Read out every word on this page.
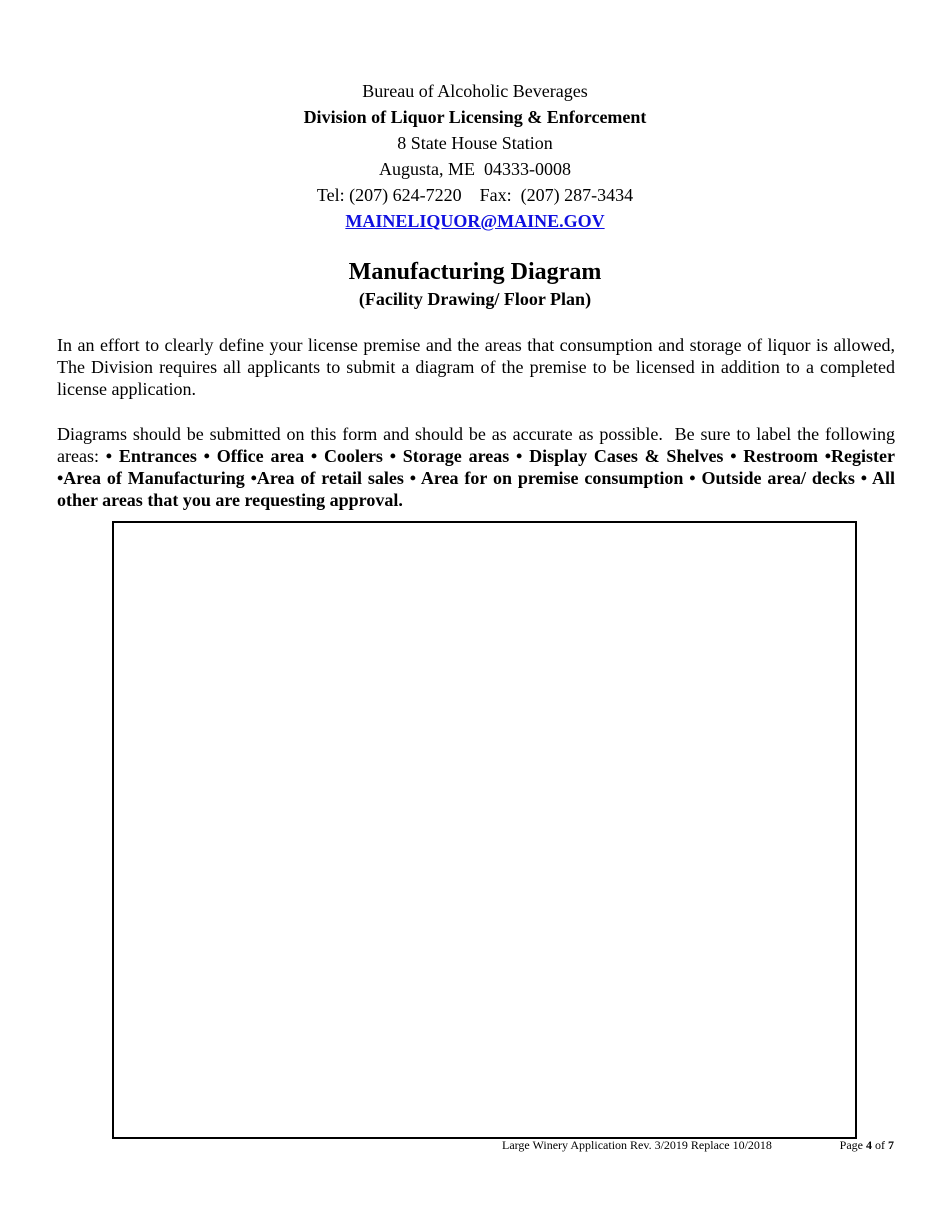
Bureau of Alcoholic Beverages
Division of Liquor Licensing & Enforcement
8 State House Station
Augusta, ME  04333-0008
Tel: (207) 624-7220    Fax:  (207) 287-3434
MAINELIQUOR@MAINE.GOV
Manufacturing Diagram
(Facility Drawing/ Floor Plan)
In an effort to clearly define your license premise and the areas that consumption and storage of liquor is allowed, The Division requires all applicants to submit a diagram of the premise to be licensed in addition to a completed license application.
Diagrams should be submitted on this form and should be as accurate as possible.  Be sure to label the following areas: • Entrances • Office area • Coolers • Storage areas • Display Cases & Shelves • Restroom •Register •Area of Manufacturing •Area of retail sales • Area for on premise consumption • Outside area/ decks • All other areas that you are requesting approval.
Large Winery Application Rev. 3/2019 Replace 10/2018	Page 4 of 7
